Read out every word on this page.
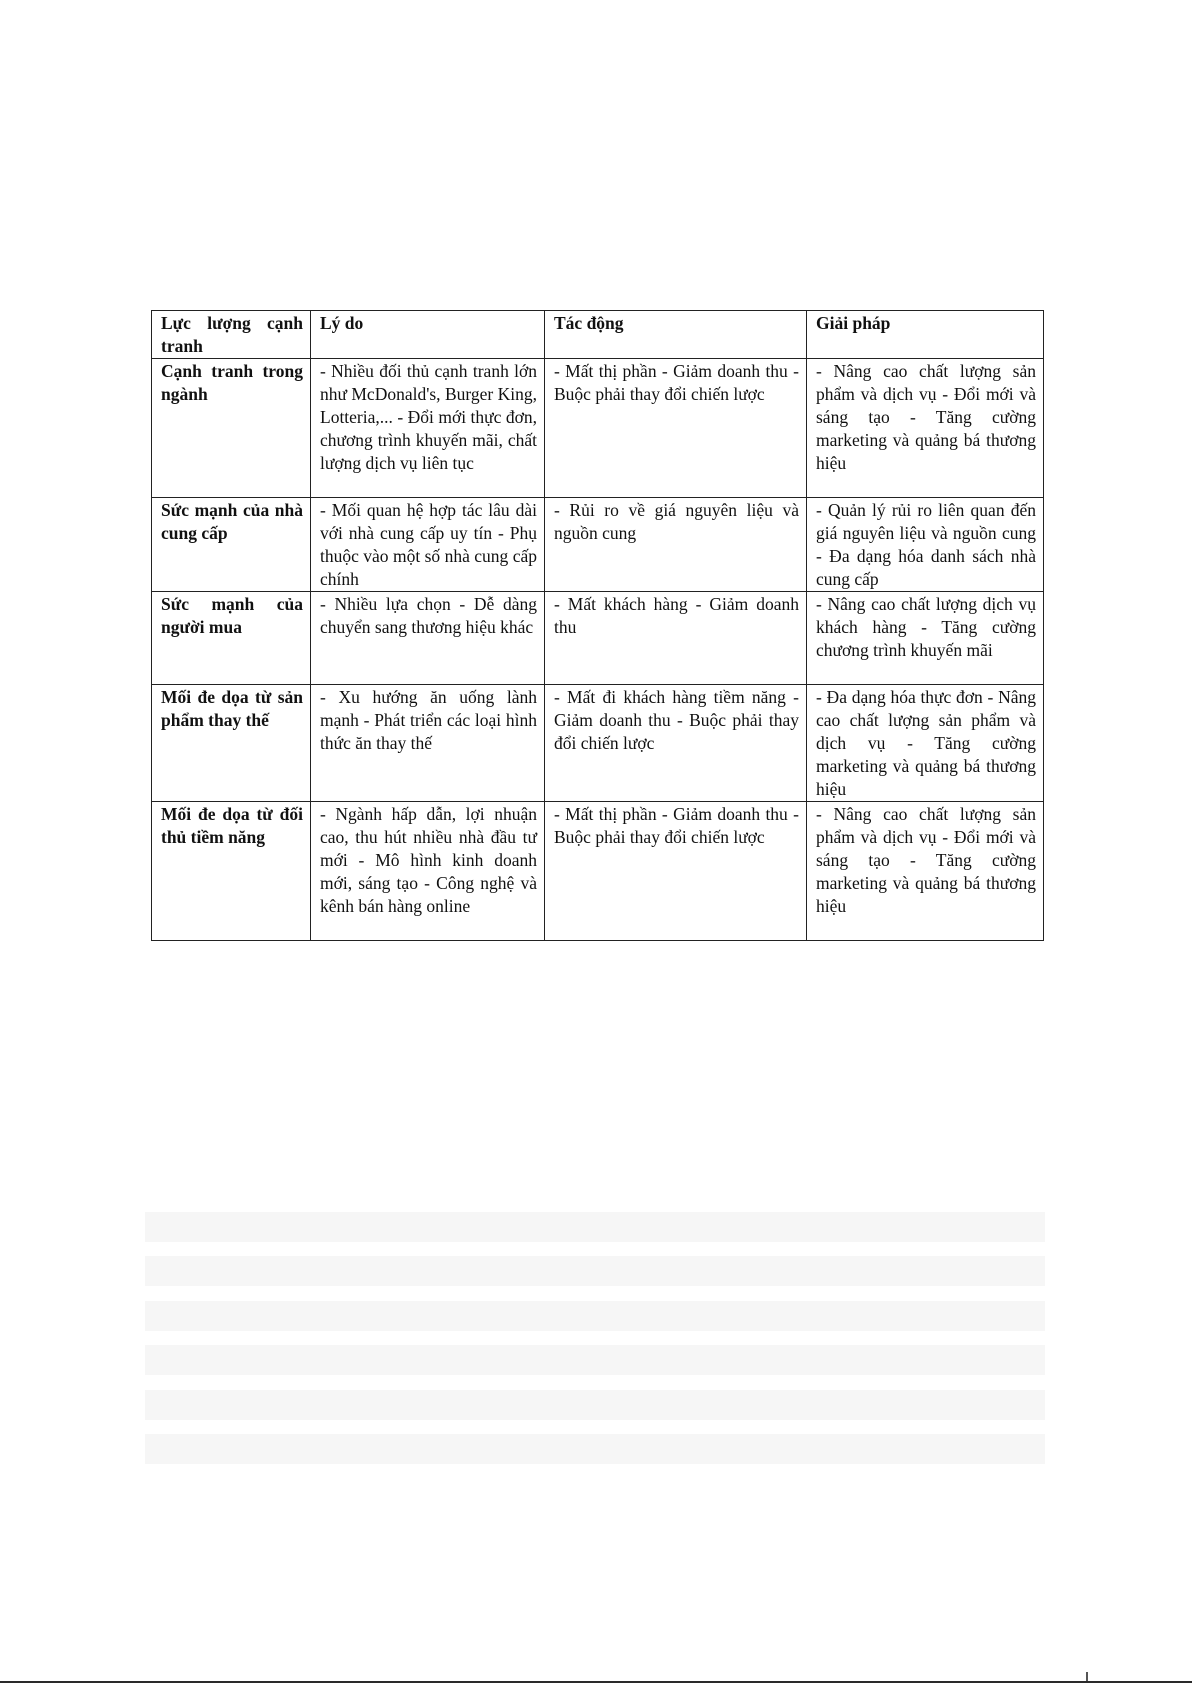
Lực lượng cạnh tranh	Lý do	Tác động	Giải pháp
Cạnh tranh trong ngành	- Nhiều đối thủ cạnh tranh lớn như McDonald's, Burger King, Lotteria,... - Đổi mới thực đơn, chương trình khuyến mãi, chất lượng dịch vụ liên tục	- Mất thị phần - Giảm doanh thu - Buộc phải thay đổi chiến lược	- Nâng cao chất lượng sản phẩm và dịch vụ - Đổi mới và sáng tạo - Tăng cường marketing và quảng bá thương hiệu
Sức mạnh của nhà cung cấp	- Mối quan hệ hợp tác lâu dài với nhà cung cấp uy tín - Phụ thuộc vào một số nhà cung cấp chính	- Rủi ro về giá nguyên liệu và nguồn cung	- Quản lý rủi ro liên quan đến giá nguyên liệu và nguồn cung - Đa dạng hóa danh sách nhà cung cấp
Sức mạnh của người mua	- Nhiều lựa chọn - Dễ dàng chuyển sang thương hiệu khác	- Mất khách hàng - Giảm doanh thu	- Nâng cao chất lượng dịch vụ khách hàng - Tăng cường chương trình khuyến mãi
Mối đe dọa từ sản phẩm thay thế	- Xu hướng ăn uống lành mạnh - Phát triển các loại hình thức ăn thay thế	- Mất đi khách hàng tiềm năng - Giảm doanh thu - Buộc phải thay đổi chiến lược	- Đa dạng hóa thực đơn - Nâng cao chất lượng sản phẩm và dịch vụ - Tăng cường marketing và quảng bá thương hiệu
Mối đe dọa từ đối thủ tiềm năng	- Ngành hấp dẫn, lợi nhuận cao, thu hút nhiều nhà đầu tư mới - Mô hình kinh doanh mới, sáng tạo - Công nghệ và kênh bán hàng online	- Mất thị phần - Giảm doanh thu - Buộc phải thay đổi chiến lược	- Nâng cao chất lượng sản phẩm và dịch vụ - Đổi mới và sáng tạo - Tăng cường marketing và quảng bá thương hiệu
